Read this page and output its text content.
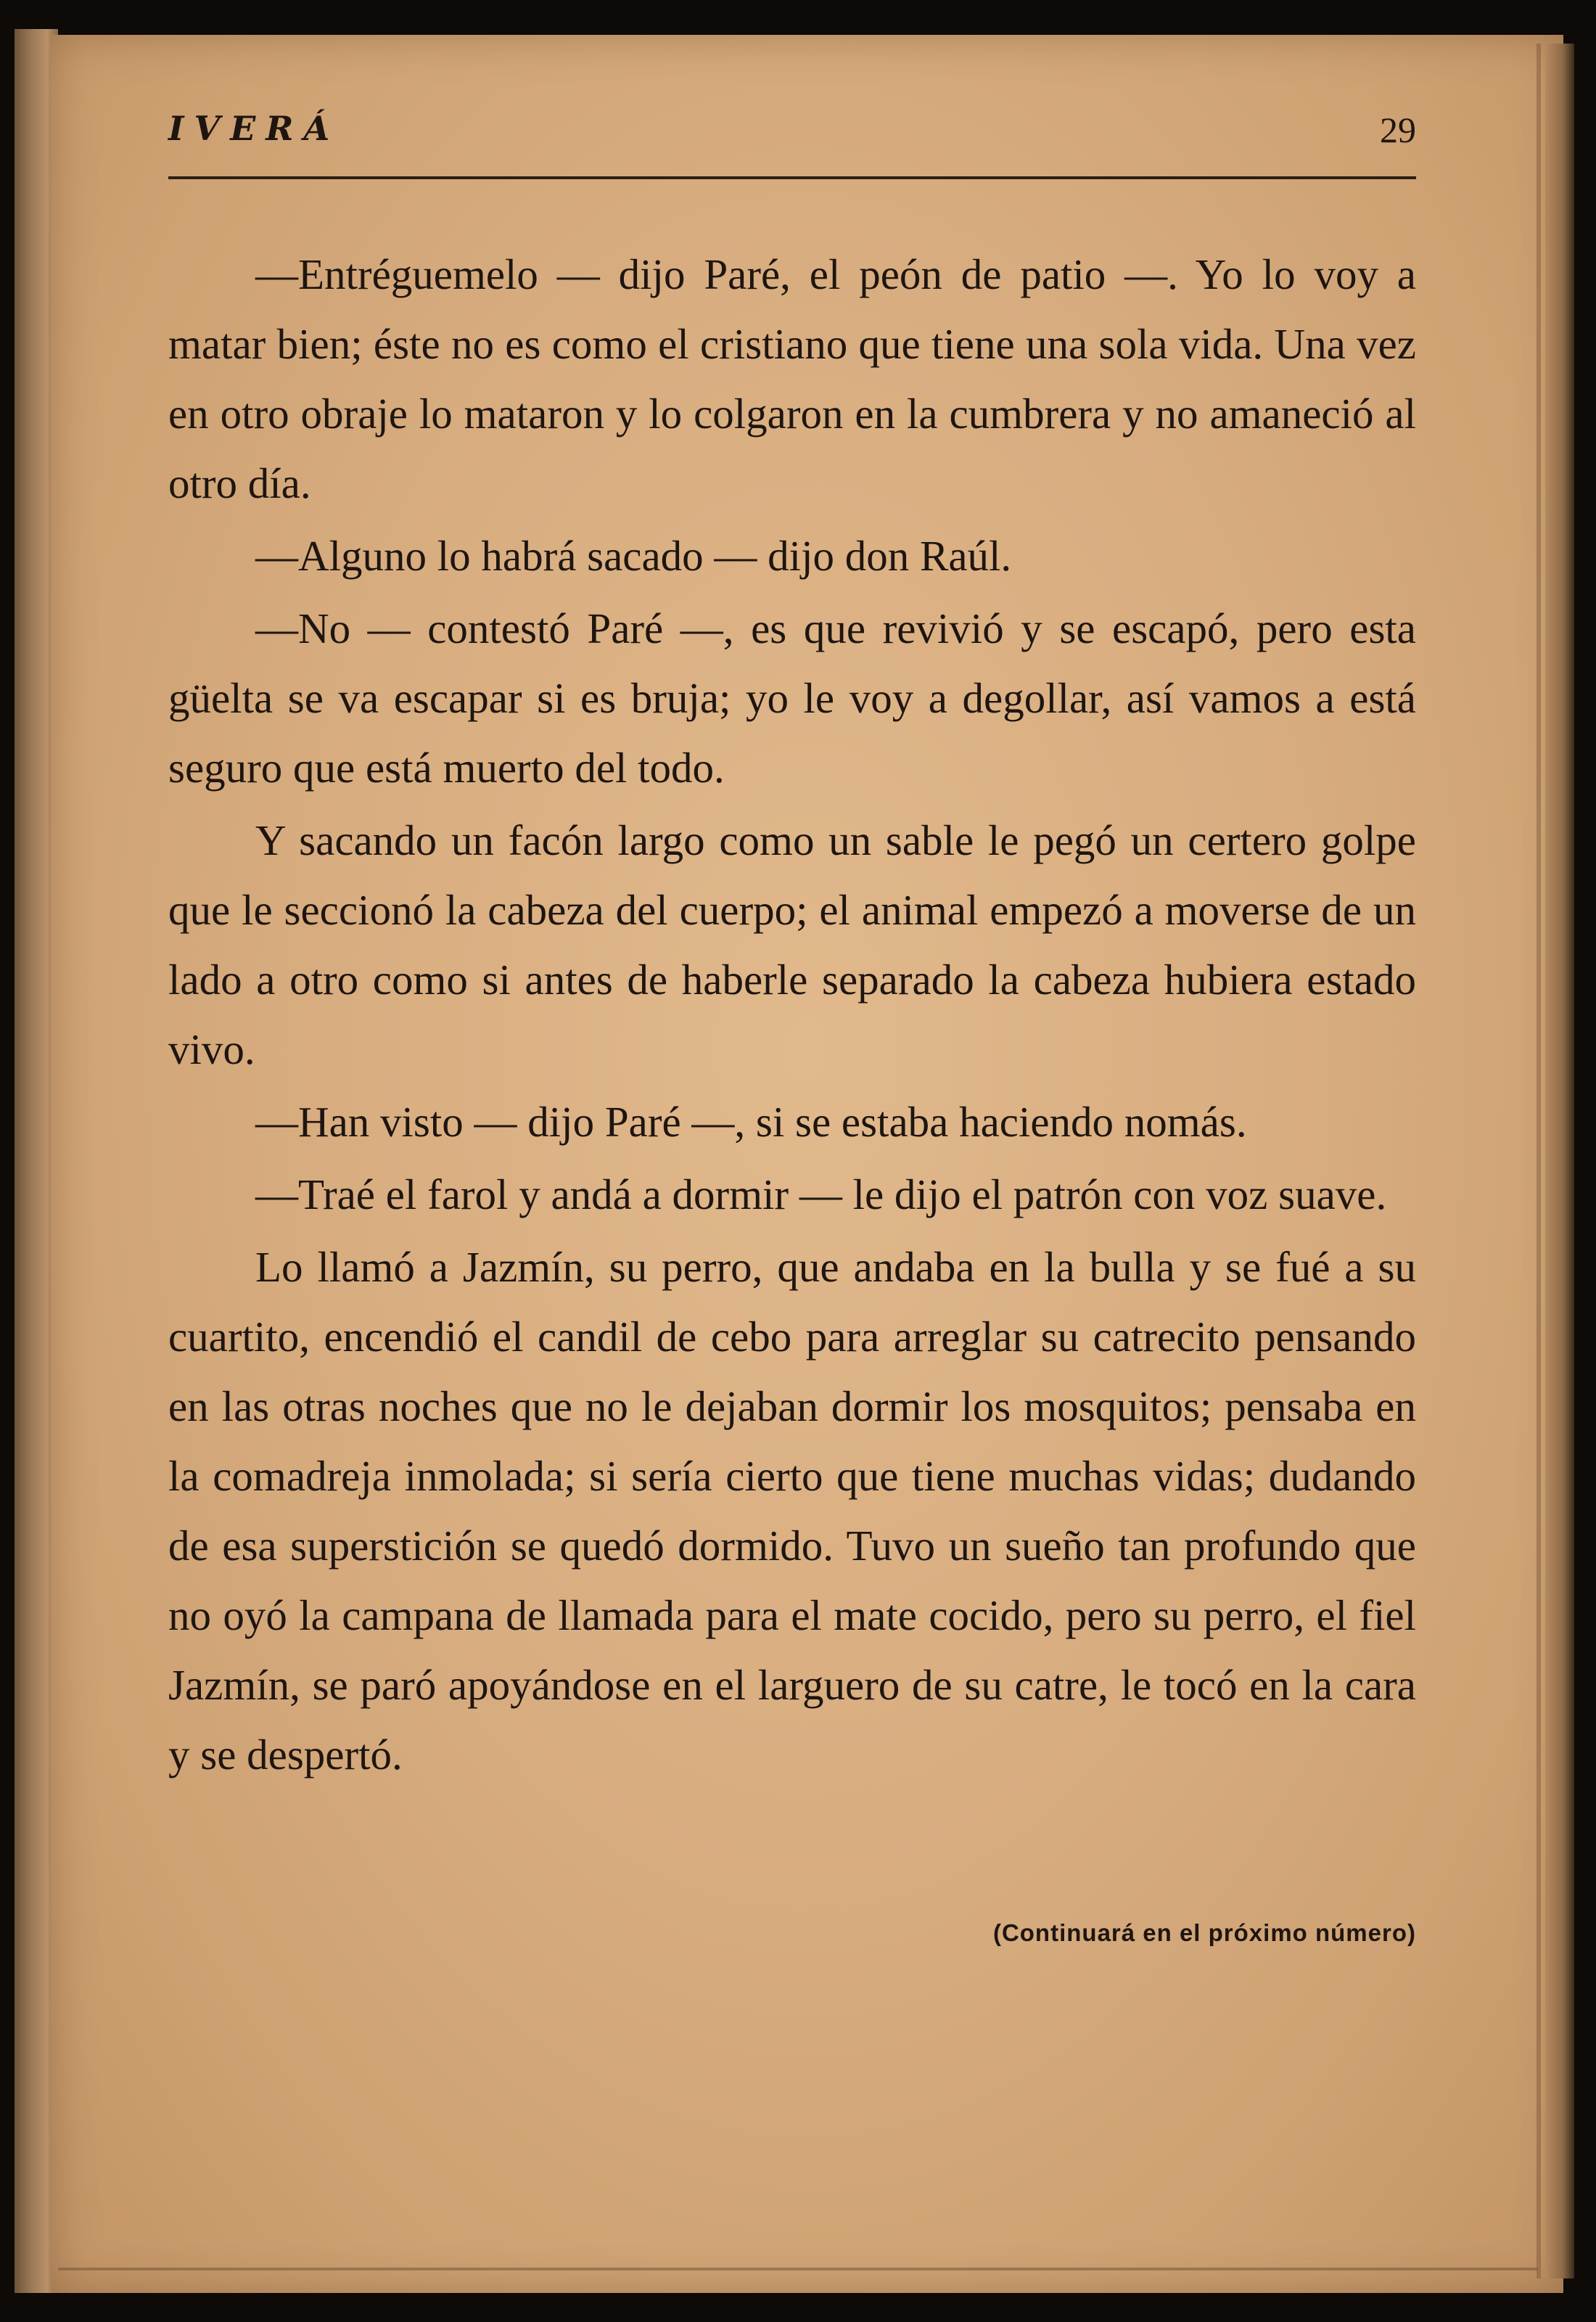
IVERÁ	29

—Entréguemelo — dijo Paré, el peón de patio —. Yo lo voy a matar bien; éste no es como el cristiano que tiene una sola vida. Una vez en otro obraje lo mataron y lo colgaron en la cumbrera y no amaneció al otro día.

—Alguno lo habrá sacado — dijo don Raúl.

—No — contestó Paré —, es que revivió y se escapó, pero esta güelta se va escapar si es bruja; yo le voy a degollar, así vamos a está seguro que está muerto del todo.

Y sacando un facón largo como un sable le pegó un certero golpe que le seccionó la cabeza del cuerpo; el animal empezó a moverse de un lado a otro como si antes de haberle separado la cabeza hubiera estado vivo.

—Han visto — dijo Paré —, si se estaba haciendo nomás.

—Traé el farol y andá a dormir — le dijo el patrón con voz suave.

Lo llamó a Jazmín, su perro, que andaba en la bulla y se fué a su cuartito, encendió el candil de cebo para arreglar su catrecito pensando en las otras noches que no le dejaban dormir los mosquitos; pensaba en la comadreja inmolada; si sería cierto que tiene muchas vidas; dudando de esa superstición se quedó dormido. Tuvo un sueño tan profundo que no oyó la campana de llamada para el mate cocido, pero su perro, el fiel Jazmín, se paró apoyándose en el larguero de su catre, le tocó en la cara y se despertó.

(Continuará en el próximo número)
